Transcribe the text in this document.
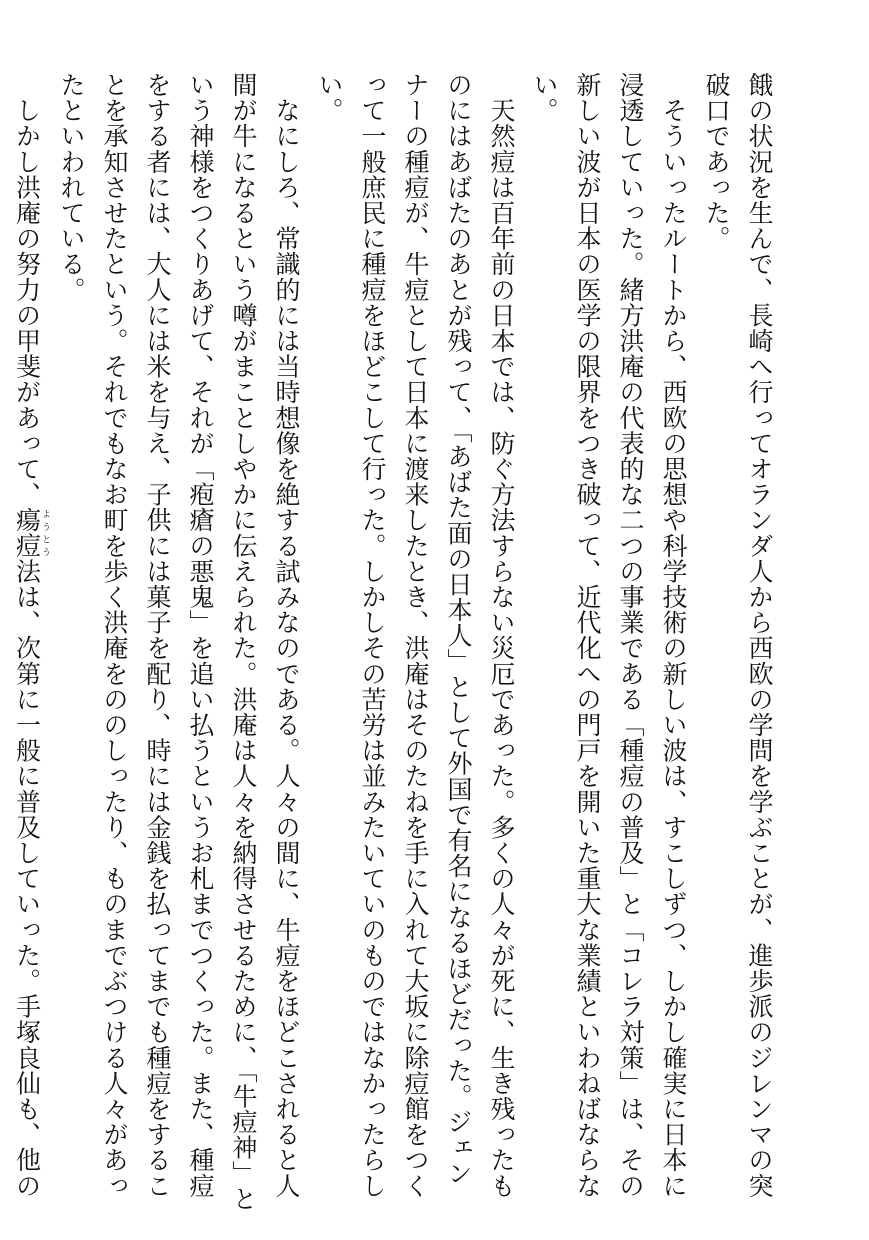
餓の状況を生んで、長崎へ行ってオランダ人から西欧の学問を学ぶことが、進歩派のジレンマの突
破口であった。
　そういったルートから、西欧の思想や科学技術の新しい波は、すこしずつ、しかし確実に日本に
浸透していった。緒方洪庵の代表的な二つの事業である「種痘の普及」と「コレラ対策」は、その
新しい波が日本の医学の限界をつき破って、近代化への門戸を開いた重大な業績といわねばならな
い。
　天然痘は百年前の日本では、防ぐ方法すらない災厄であった。多くの人々が死に、生き残ったも
のにはあばたのあとが残って、「あばた面の日本人」として外国で有名になるほどだった。ジェン
ナーの種痘が、牛痘として日本に渡来したとき、洪庵はそのたねを手に入れて大坂に除痘館をつく
って一般庶民に種痘をほどこして行った。しかしその苦労は並みたいていのものではなかったらし
い。
　なにしろ、常識的には当時想像を絶する試みなのである。人々の間に、牛痘をほどこされると人
間が牛になるという噂がまことしやかに伝えられた。洪庵は人々を納得させるために、「牛痘神」と
いう神様をつくりあげて、それが「疱瘡の悪鬼」を追い払うというお札までつくった。また、種痘
をする者には、大人には米を与え、子供には菓子を配り、時には金銭を払ってまでも種痘をするこ
とを承知させたという。それでもなお町を歩く洪庵をののしったり、ものまでぶつける人々があっ
たといわれている。
　しかし洪庵の努力の甲斐があって、瘍痘ようとう法は、次第に一般に普及していった。手塚良仙も、他の
